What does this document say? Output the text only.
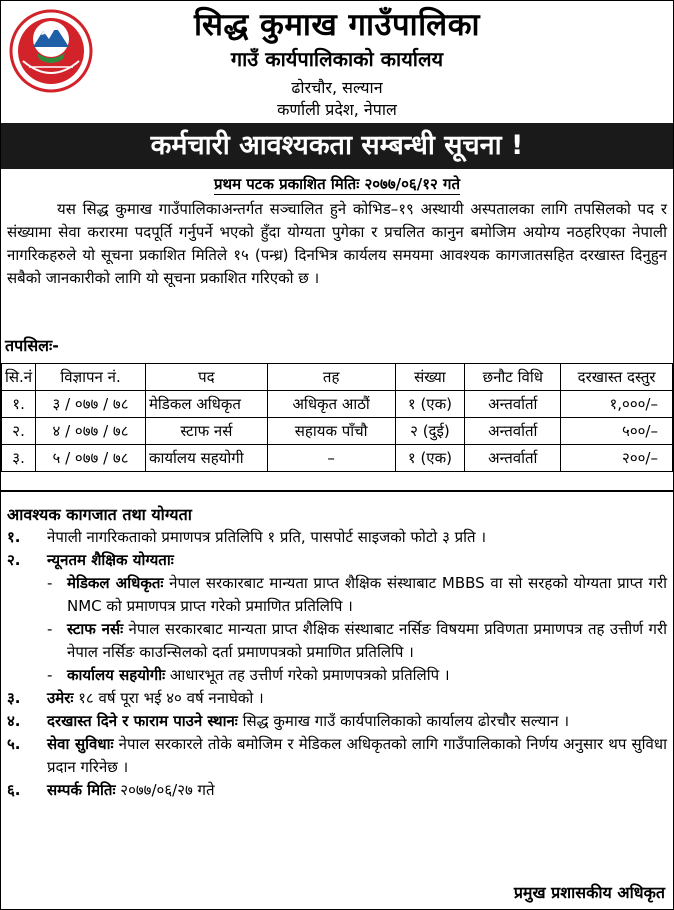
सिद्ध कुमाख गाउँपालिका
गाउँ कार्यपालिकाको कार्यालय
ढोरचौर, सल्यान
कर्णाली प्रदेश, नेपाल
कर्मचारी आवश्यकता सम्बन्धी सूचना !
प्रथम पटक प्रकाशित मितिः २०७७/०६/१२ गते
यस सिद्ध कुमाख गाउँपालिकाअन्तर्गत सञ्चालित हुने कोभिड–१९ अस्थायी अस्पतालका लागि तपसिलको पद र संख्यामा सेवा करारमा पदपूर्ति गर्नुपर्ने भएको हुँदा योग्यता पुगेका र प्रचलित कानुन बमोजिम अयोग्य नठहरिएका नेपाली नागरिकहरुले यो सूचना प्रकाशित मितिले १५ (पन्ध्र) दिनभित्र कार्यलय समयमा आवश्यक कागजातसहित दरखास्त दिनुहुन सबैको जानकारीको लागि यो सूचना प्रकाशित गरिएको छ ।
तपसिलः-
सि.नं	विज्ञापन नं.	पद	तह	संख्या	छनौट विधि	दरखास्त दस्तुर
१.	३ / ०७७ / ७८	मेडिकल अधिकृत	अधिकृत आठौं	१ (एक)	अन्तर्वार्ता	१,०००/–
२.	४ / ०७७ / ७८	स्टाफ नर्स	सहायक पाँचौ	२ (दुई)	अन्तर्वार्ता	५००/–
३.	५ / ०७७ / ७८	कार्यालय सहयोगी	–	१ (एक)	अन्तर्वार्ता	२००/–
आवश्यक कागजात तथा योग्यता
१.	नेपाली नागरिकताको प्रमाणपत्र प्रतिलिपि १ प्रति, पासपोर्ट साइजको फोटो ३ प्रति ।
२.	न्यूनतम शैक्षिक योग्यताः
- मेडिकल अधिकृतः नेपाल सरकारबाट मान्यता प्राप्त शैक्षिक संस्थाबाट MBBS वा सो सरहको योग्यता प्राप्त गरी NMC को प्रमाणपत्र प्राप्त गरेको प्रमाणित प्रतिलिपि ।
- स्टाफ नर्सः नेपाल सरकारबाट मान्यता प्राप्त शैक्षिक संस्थाबाट नर्सिङ विषयमा प्रविणता प्रमाणपत्र तह उत्तीर्ण गरी नेपाल नर्सिङ काउन्सिलको दर्ता प्रमाणपत्रको प्रमाणित प्रतिलिपि ।
- कार्यालय सहयोगीः आधारभूत तह उत्तीर्ण गरेको प्रमाणपत्रको प्रतिलिपि ।
३.	उमेरः १८ वर्ष पूरा भई ४० वर्ष ननाघेको ।
४.	दरखास्त दिने र फाराम पाउने स्थानः सिद्ध कुमाख गाउँ कार्यपालिकाको कार्यालय ढोरचौर सल्यान ।
५.	सेवा सुविधाः नेपाल सरकारले तोके बमोजिम र मेडिकल अधिकृतको लागि गाउँपालिकाको निर्णय अनुसार थप सुविधा प्रदान गरिनेछ ।
६.	सम्पर्क मितिः २०७७/०६/२७ गते
प्रमुख प्रशासकीय अधिकृत
